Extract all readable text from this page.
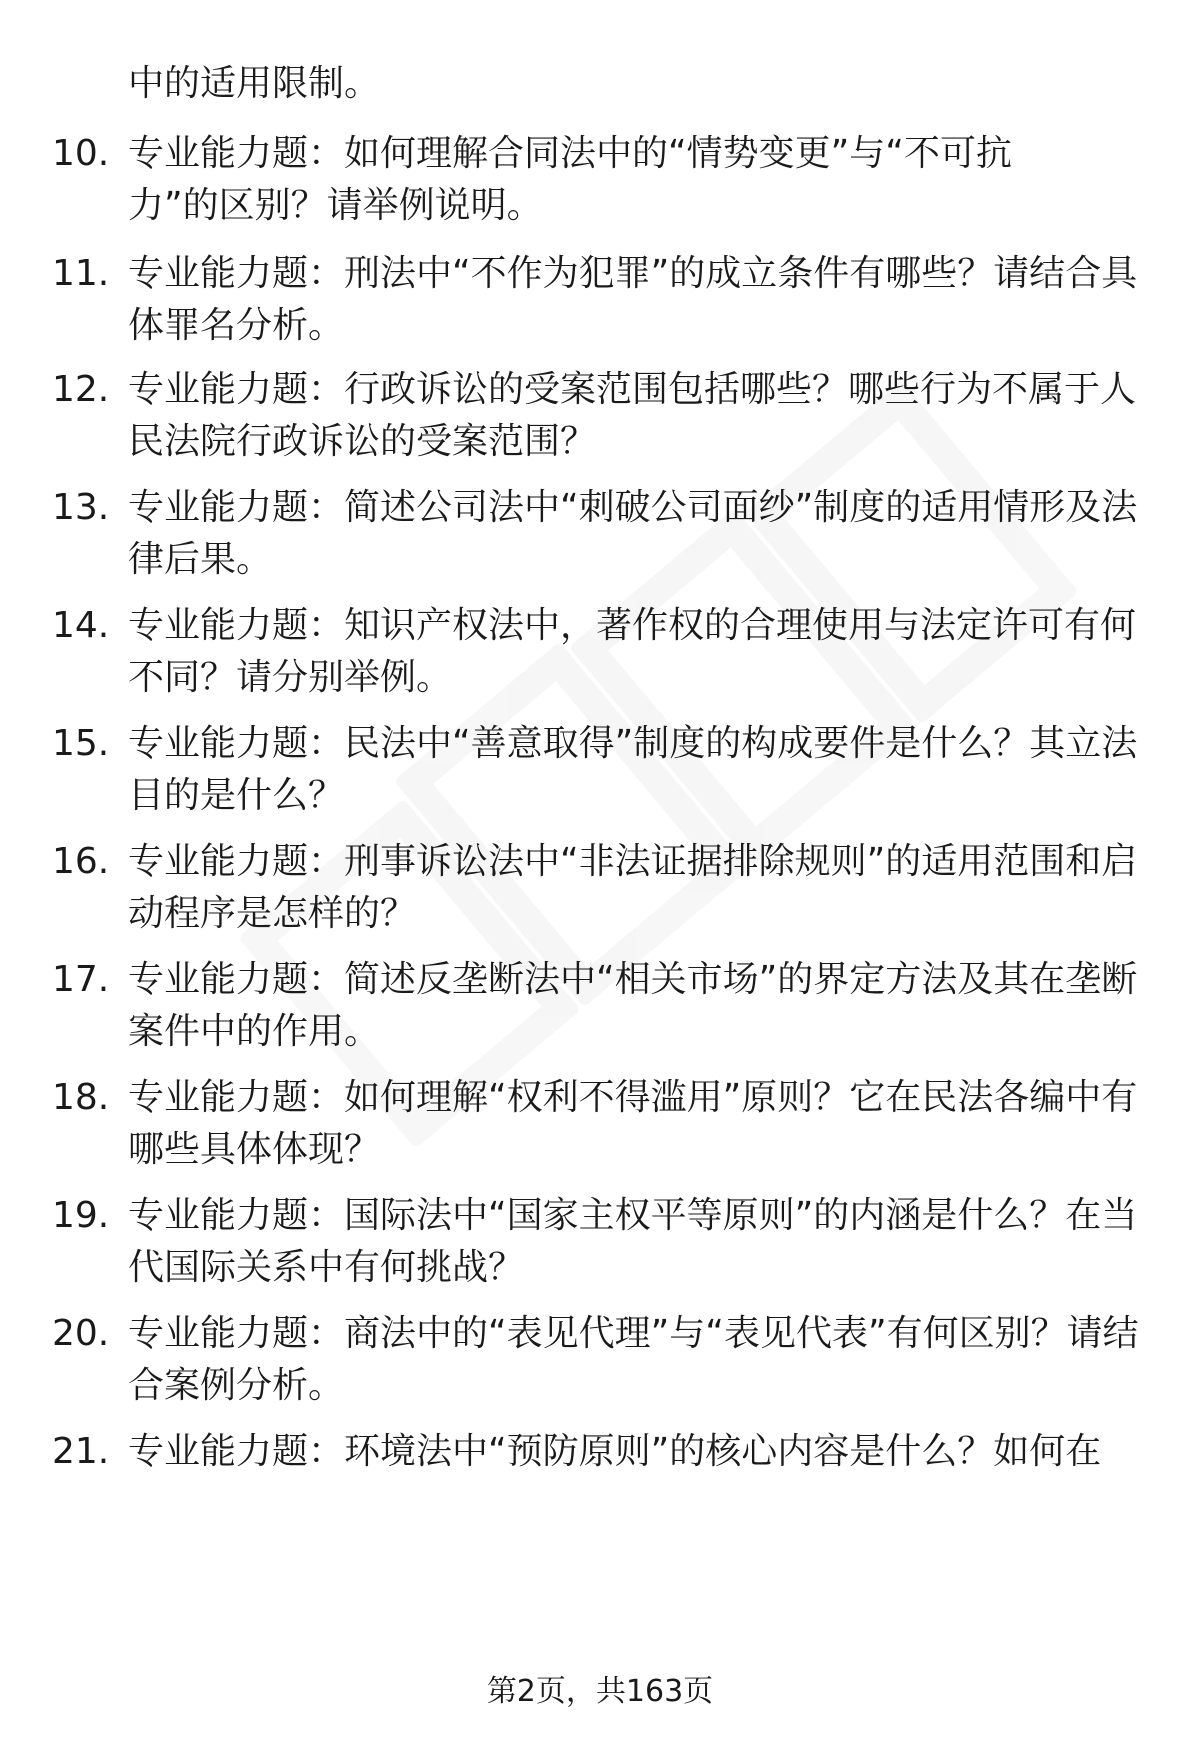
中的适用限制。

10. 专业能力题：如何理解合同法中的“情势变更”与“不可抗力”的区别？请举例说明。

11. 专业能力题：刑法中“不作为犯罪”的成立条件有哪些？请结合具体罪名分析。

12. 专业能力题：行政诉讼的受案范围包括哪些？哪些行为不属于人民法院行政诉讼的受案范围？

13. 专业能力题：简述公司法中“刺破公司面纱”制度的适用情形及法律后果。

14. 专业能力题：知识产权法中，著作权的合理使用与法定许可有何不同？请分别举例。

15. 专业能力题：民法中“善意取得”制度的构成要件是什么？其立法目的是什么？

16. 专业能力题：刑事诉讼法中“非法证据排除规则”的适用范围和启动程序是怎样的？

17. 专业能力题：简述反垄断法中“相关市场”的界定方法及其在垄断案件中的作用。

18. 专业能力题：如何理解“权利不得滥用”原则？它在民法各编中有哪些具体体现？

19. 专业能力题：国际法中“国家主权平等原则”的内涵是什么？在当代国际关系中有何挑战？

20. 专业能力题：商法中的“表见代理”与“表见代表”有何区别？请结合案例分析。

21. 专业能力题：环境法中“预防原则”的核心内容是什么？如何在

第2页，共163页
